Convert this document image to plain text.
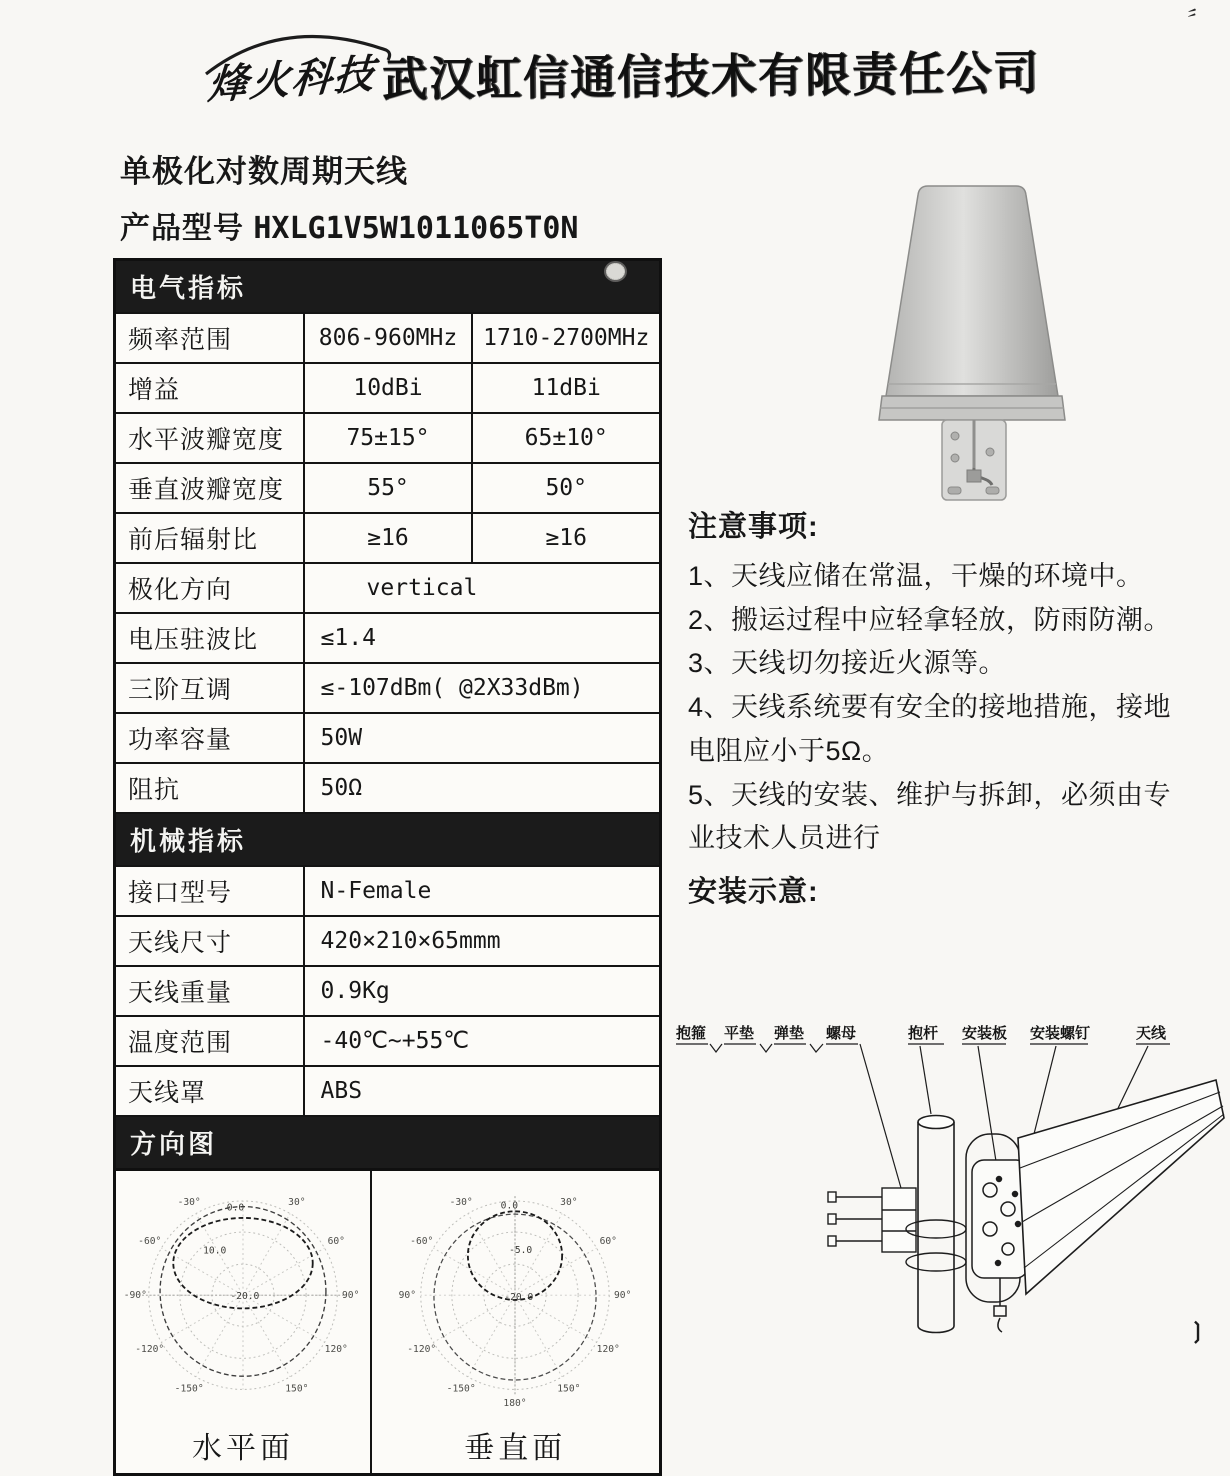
烽火科技 武汉虹信通信技术有限责任公司
单极化对数周期天线
产品型号 HXLG1V5W1011065T0N
电气指标		

频率范围	806-960MHz	1710-2700MHz
增益	10dBi	11dBi
水平波瓣宽度	75±15°	65±10°
垂直波瓣宽度	55°	50°
前后辐射比	≥16	≥16
极化方向	vertical	
电压驻波比	≤1.4	
三阶互调	≤-107dBm( @2X33dBm)	
功率容量	50W	
阻抗	50Ω	
机械指标		
接口型号	N-Female	
天线尺寸	420×210×65mmm	
天线重量	0.9Kg	
温度范围	-40℃~+55℃	
天线罩	ABS	
方向图		
-30°	30°
-60°	60°
-90°	90°
-120°	120°
-150°	150°
0.0
10.0
-20.0
水平面
-30°	30°
-60°	60°
90°	90°
-120°	120°
-150°	150°
180°
0.0
-5.0
-20.0
垂直面
注意事项:
1、天线应储在常温，干燥的环境中。
2、搬运过程中应轻拿轻放，防雨防潮。
3、天线切勿接近火源等。
4、天线系统要有安全的接地措施，接地电阻应小于5Ω。
5、天线的安装、维护与拆卸，必须由专业技术人员进行
安装示意:
抱箍 平垫 弹垫 螺母	抱杆 安装板 安装螺钉	天线
〞
❳
